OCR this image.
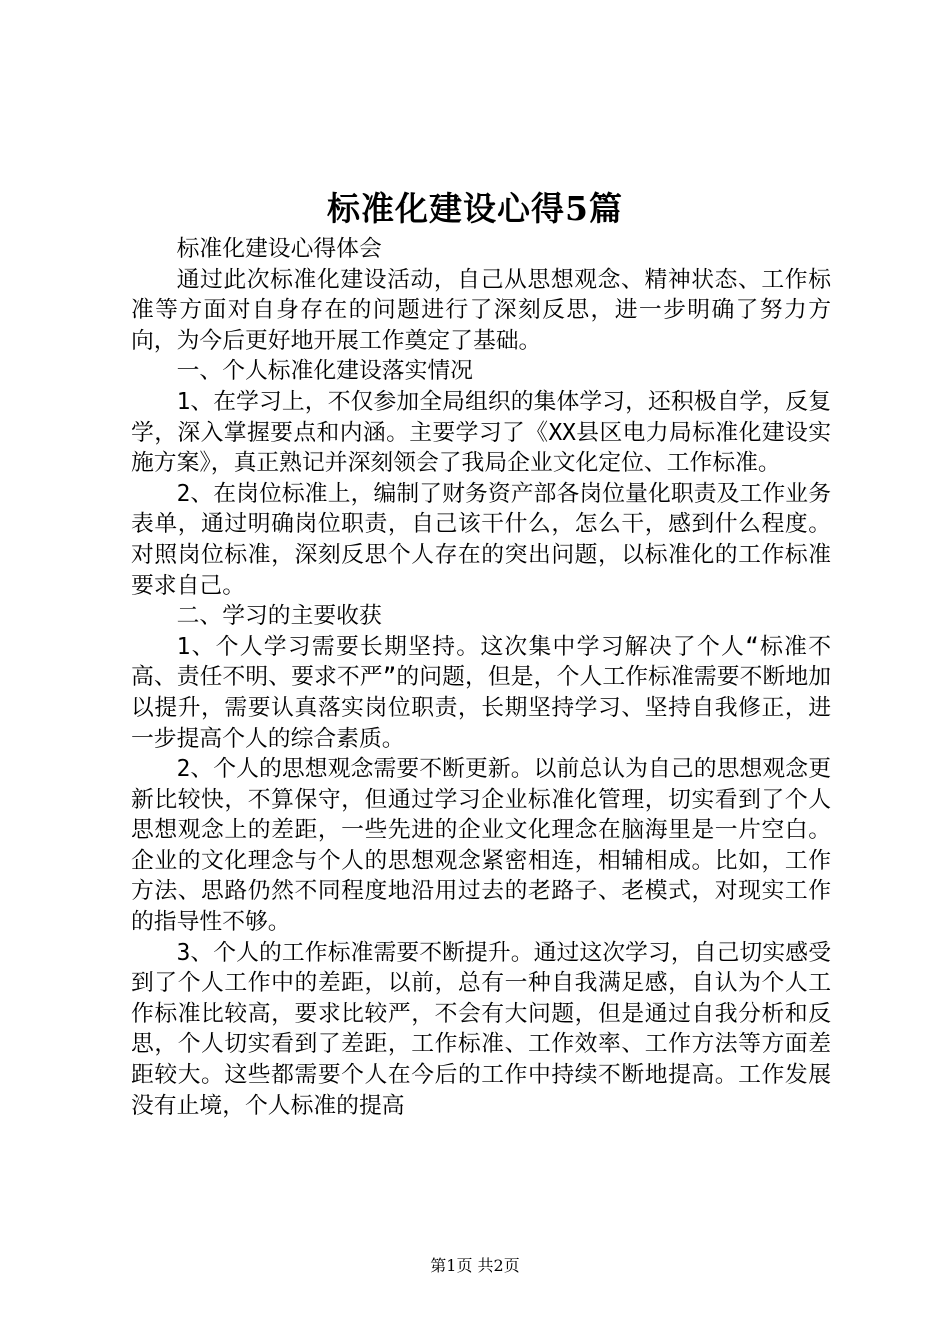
标准化建设心得5篇

标准化建设心得体会

通过此次标准化建设活动，自己从思想观念、精神状态、工作标准等方面对自身存在的问题进行了深刻反思，进一步明确了努力方向，为今后更好地开展工作奠定了基础。

一、个人标准化建设落实情况

1、在学习上，不仅参加全局组织的集体学习，还积极自学，反复学，深入掌握要点和内涵。主要学习了《XX县区电力局标准化建设实施方案》，真正熟记并深刻领会了我局企业文化定位、工作标准。

2、在岗位标准上，编制了财务资产部各岗位量化职责及工作业务表单，通过明确岗位职责，自己该干什么，怎么干，感到什么程度。对照岗位标准，深刻反思个人存在的突出问题，以标准化的工作标准要求自己。

二、学习的主要收获

1、个人学习需要长期坚持。这次集中学习解决了个人“标准不高、责任不明、要求不严”的问题，但是，个人工作标准需要不断地加以提升，需要认真落实岗位职责，长期坚持学习、坚持自我修正，进一步提高个人的综合素质。

2、个人的思想观念需要不断更新。以前总认为自己的思想观念更新比较快，不算保守，但通过学习企业标准化管理，切实看到了个人思想观念上的差距，一些先进的企业文化理念在脑海里是一片空白。企业的文化理念与个人的思想观念紧密相连，相辅相成。比如，工作方法、思路仍然不同程度地沿用过去的老路子、老模式，对现实工作的指导性不够。

3、个人的工作标准需要不断提升。通过这次学习，自己切实感受到了个人工作中的差距，以前，总有一种自我满足感，自认为个人工作标准比较高，要求比较严，不会有大问题，但是通过自我分析和反思，个人切实看到了差距，工作标准、工作效率、工作方法等方面差距较大。这些都需要个人在今后的工作中持续不断地提高。工作发展没有止境，个人标准的提高

第1页 共2页
